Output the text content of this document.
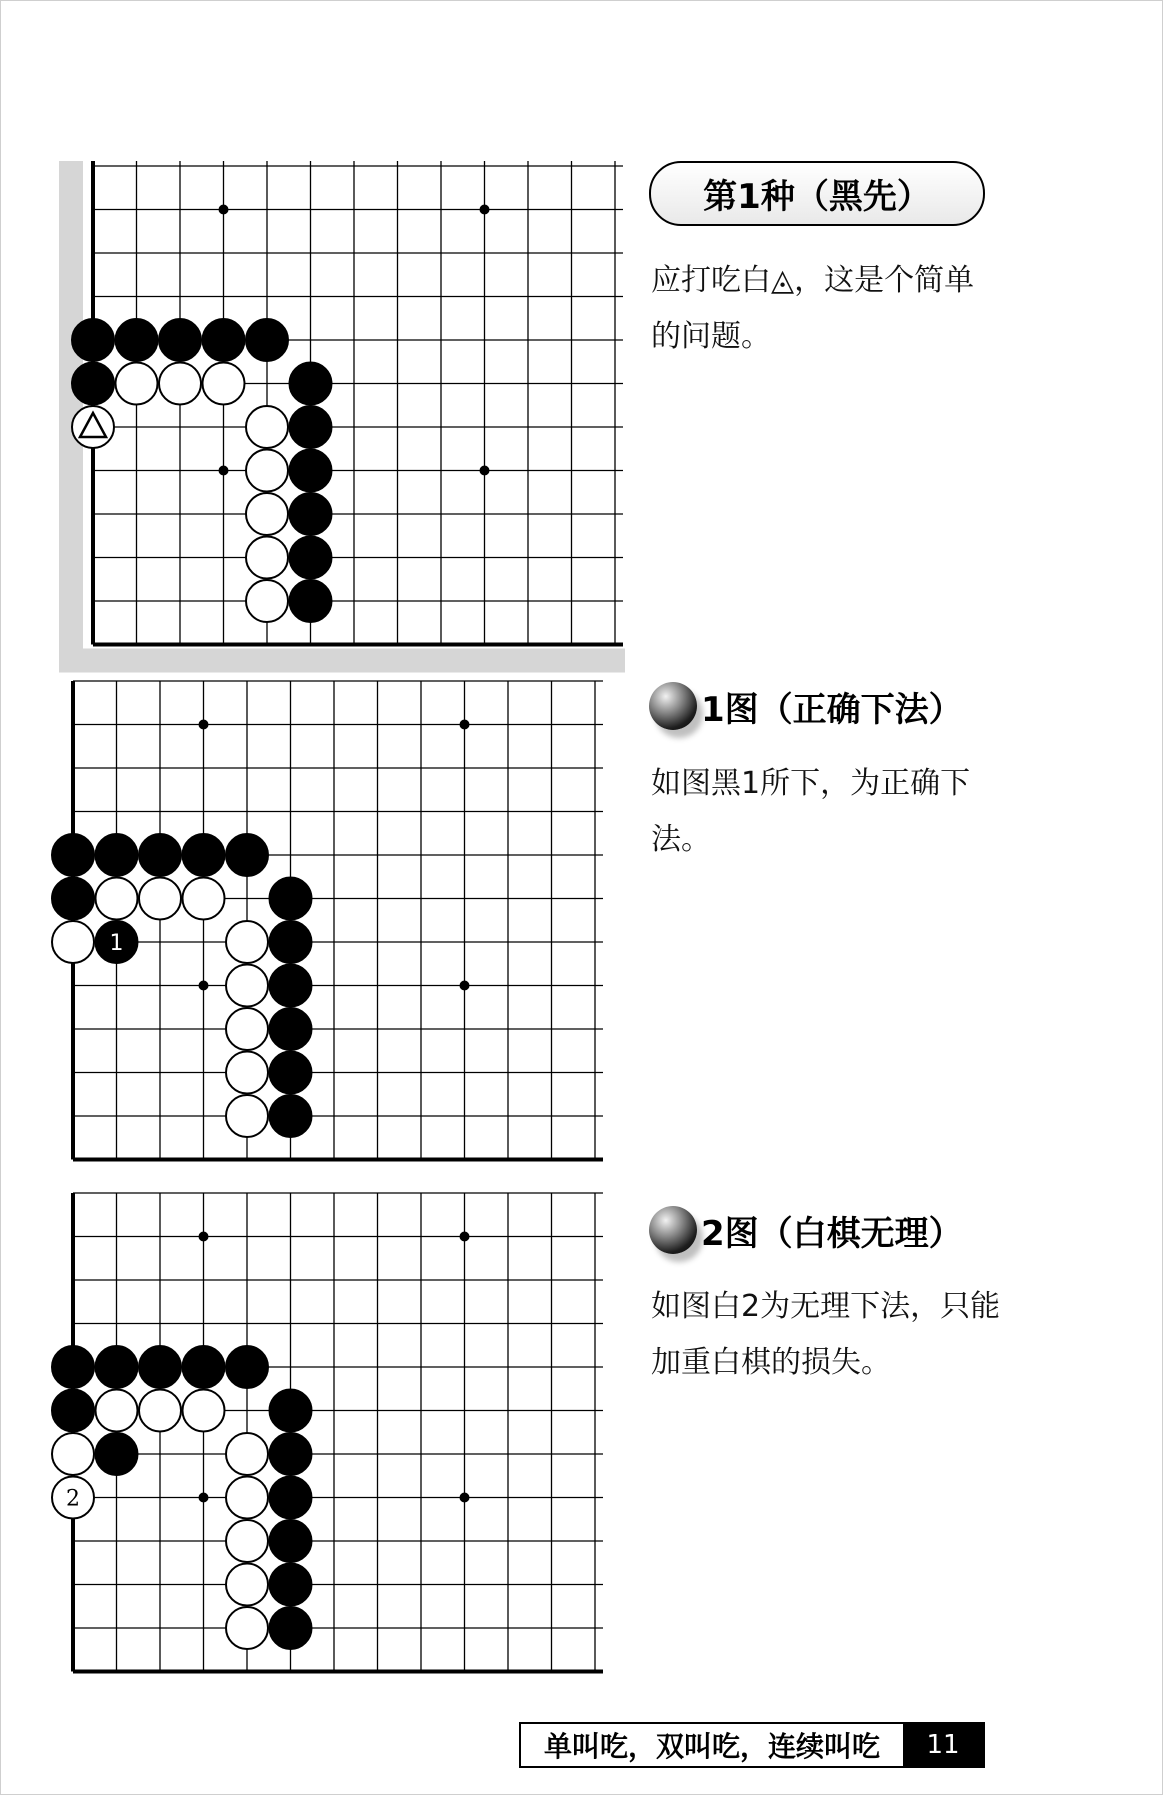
第1种（黑先）

应打吃白◬，这是个简单的问题。

1
1图（正确下法）

如图黑1所下，为正确下法。

2
2图（白棋无理）

如图白2为无理下法，只能加重白棋的损失。

单叫吃，双叫吃，连续叫吃	11
